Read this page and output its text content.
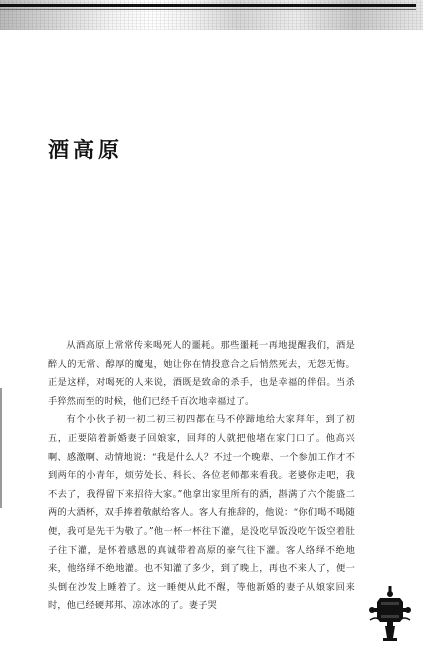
酒高原

从酒高原上常常传来喝死人的噩耗。那些噩耗一再地提醒我们，酒是醉人的无常、醇厚的魔鬼，她让你在情投意合之后悄然死去，无怨无悔。正是这样，对喝死的人来说，酒既是致命的杀手，也是幸福的伴侣。当杀手猝然而至的时候，他们已经千百次地幸福过了。

有个小伙子初一初二初三初四都在马不停蹄地给大家拜年，到了初五，正要陪着新婚妻子回娘家，回拜的人就把他堵在家门口了。他高兴啊、感激啊、动情地说：“我是什么人？不过一个晚辈、一个参加工作才不到两年的小青年，烦劳处长、科长、各位老师都来看我。老婆你走吧，我不去了，我得留下来招待大家。”他拿出家里所有的酒，斟满了六个能盛二两的大酒杯，双手捧着敬献给客人。客人有推辞的，他说：“你们喝不喝随便，我可是先干为敬了。”他一杯一杯往下灌，是没吃早饭没吃午饭空着肚子往下灌，是怀着感恩的真诚带着高原的豪气往下灌。客人络绎不绝地来，他络绎不绝地灌。也不知灌了多少，到了晚上，再也不来人了，便一头倒在沙发上睡着了。这一睡便从此不醒，等他新婚的妻子从娘家回来时，他已经硬邦邦、凉冰冰的了。妻子哭
